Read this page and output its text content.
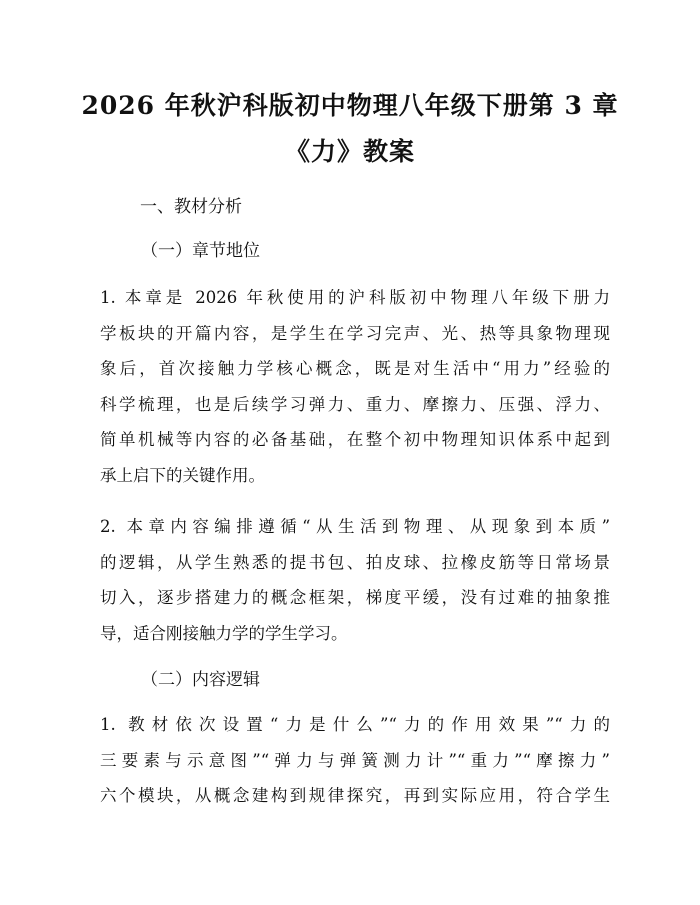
2026 年秋沪科版初中物理八年级下册第 3 章
《力》教案
一、教材分析
（一）章节地位
1. 本章是 2026 年秋使用的沪科版初中物理八年级下册力
学板块的开篇内容，是学生在学习完声、光、热等具象物理现
象后，首次接触力学核心概念，既是对生活中“用力”经验的
科学梳理，也是后续学习弹力、重力、摩擦力、压强、浮力、
简单机械等内容的必备基础，在整个初中物理知识体系中起到
承上启下的关键作用。
2. 本章内容编排遵循“从生活到物理、从现象到本质”
的逻辑，从学生熟悉的提书包、拍皮球、拉橡皮筋等日常场景
切入，逐步搭建力的概念框架，梯度平缓，没有过难的抽象推
导，适合刚接触力学的学生学习。
（二）内容逻辑
1. 教材依次设置“力是什么”“力的作用效果”“力的
三要素与示意图”“弹力与弹簧测力计”“重力”“摩擦力”
六个模块，从概念建构到规律探究，再到实际应用，符合学生
